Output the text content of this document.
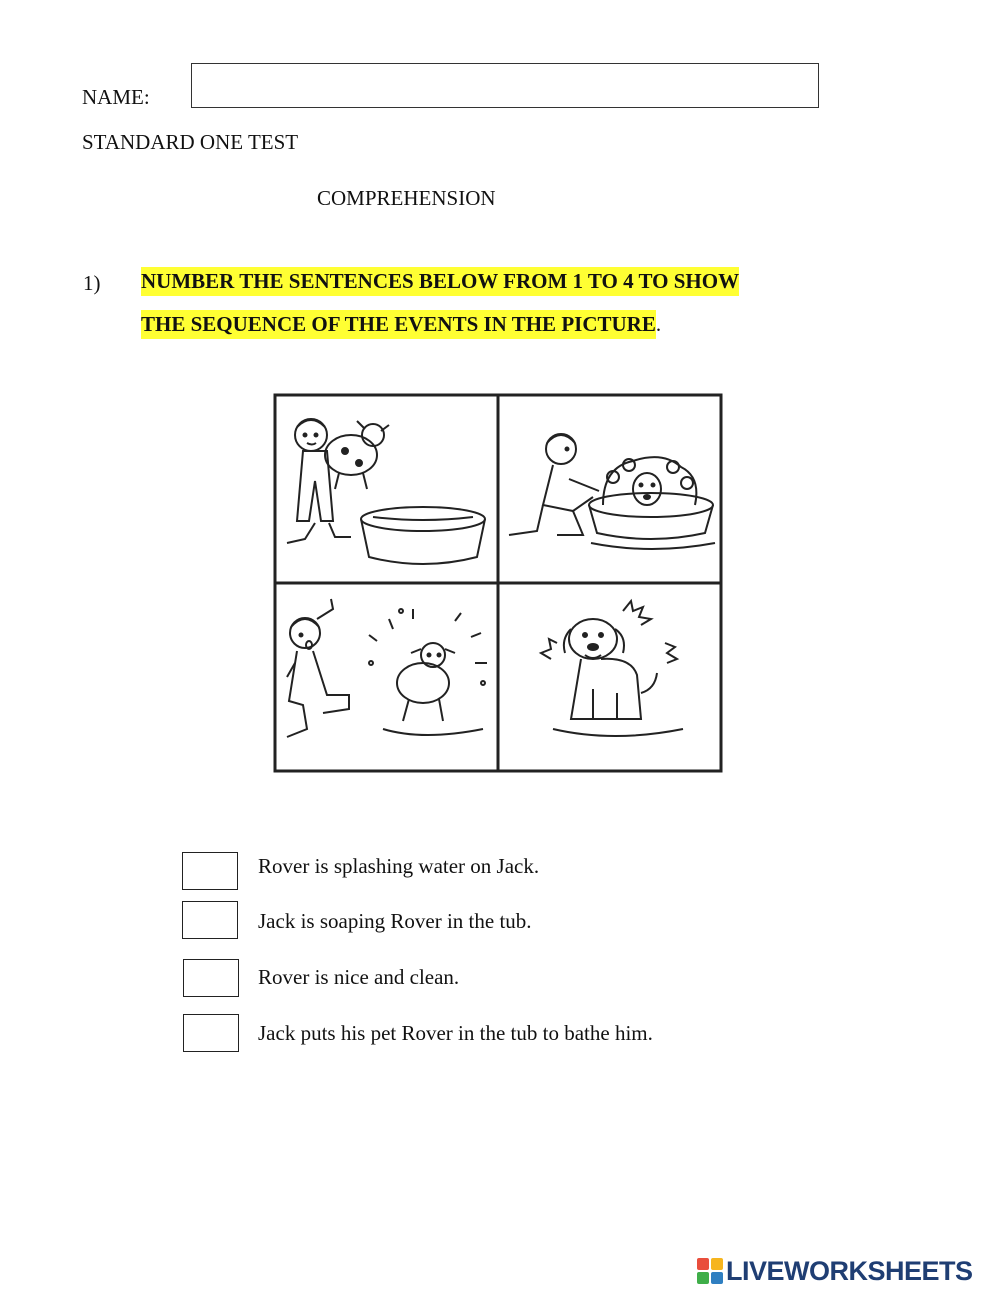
NAME:
STANDARD ONE TEST
COMPREHENSION
1) NUMBER THE SENTENCES BELOW FROM 1 TO 4 TO SHOW
THE SEQUENCE OF THE EVENTS IN THE PICTURE.
Rover is splashing water on Jack.
Jack is soaping Rover in the tub.
Rover is nice and clean.
Jack puts his pet Rover in the tub to bathe him.
LIVEWORKSHEETS
